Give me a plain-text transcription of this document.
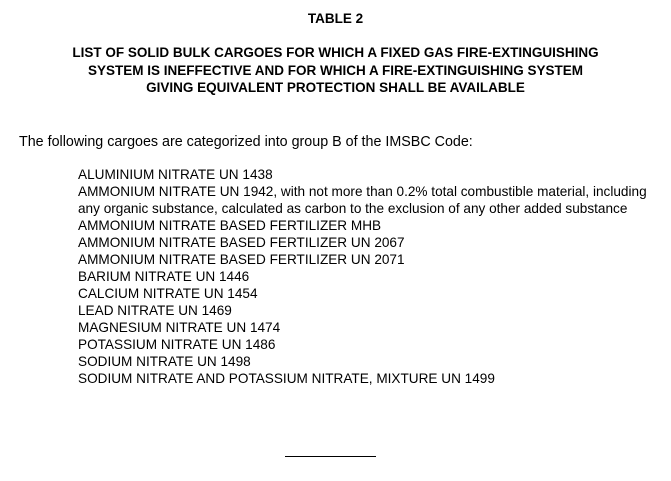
TABLE 2
LIST OF SOLID BULK CARGOES FOR WHICH A FIXED GAS FIRE-EXTINGUISHING
SYSTEM IS INEFFECTIVE AND FOR WHICH A FIRE-EXTINGUISHING SYSTEM
GIVING EQUIVALENT PROTECTION SHALL BE AVAILABLE
The following cargoes are categorized into group B of the IMSBC Code:
ALUMINIUM NITRATE UN 1438
AMMONIUM NITRATE UN 1942, with not more than 0.2% total combustible material, including any organic substance, calculated as carbon to the exclusion of any other added substance
AMMONIUM NITRATE BASED FERTILIZER MHB
AMMONIUM NITRATE BASED FERTILIZER UN 2067
AMMONIUM NITRATE BASED FERTILIZER UN 2071
BARIUM NITRATE UN 1446
CALCIUM NITRATE UN 1454
LEAD NITRATE UN 1469
MAGNESIUM NITRATE UN 1474
POTASSIUM NITRATE UN 1486
SODIUM NITRATE UN 1498
SODIUM NITRATE AND POTASSIUM NITRATE, MIXTURE UN 1499
